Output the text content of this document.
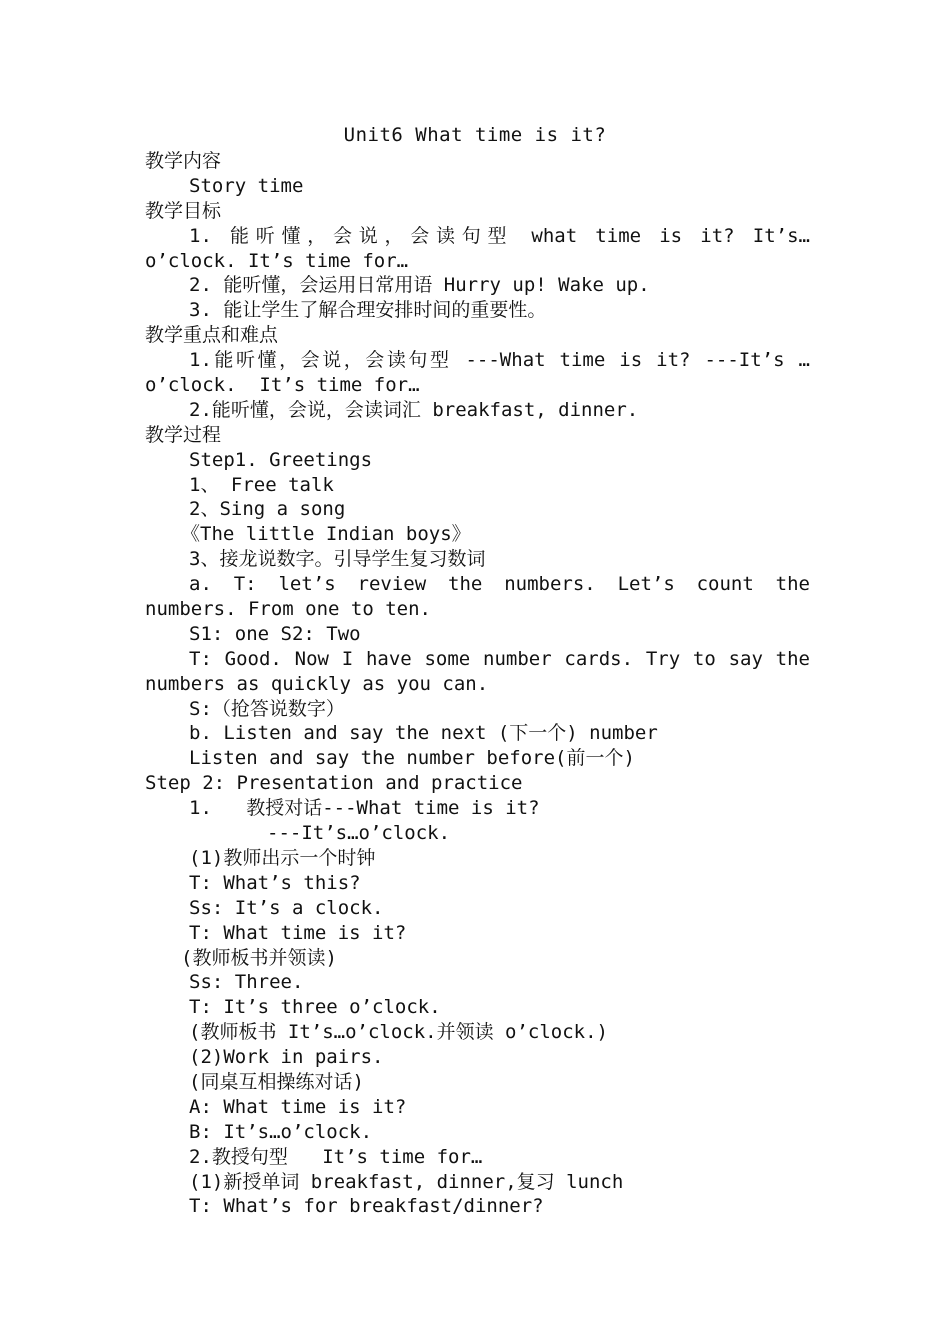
Unit6 What time is it?
教学内容
Story time
教学目标
1. 能听懂，会说，会读句型 what time is it? It’s…
o’clock. It’s time for…
2. 能听懂，会运用日常用语 Hurry up! Wake up.
3. 能让学生了解合理安排时间的重要性。
教学重点和难点
1.能听懂，会说，会读句型 ---What time is it? ---It’s …
o’clock.  It’s time for…
2.能听懂，会说，会读词汇 breakfast, dinner.
教学过程
Step1. Greetings
1、 Free talk
2、Sing a song
《The little Indian boys》
3、接龙说数字。引导学生复习数词
a. T: let’s review the numbers. Let’s count the
numbers. From one to ten.
S1: one S2: Two
T: Good. Now I have some number cards. Try to say the
numbers as quickly as you can.
S:（抢答说数字）
b. Listen and say the next (下一个) number
Listen and say the number before(前一个)
Step 2: Presentation and practice
1.   教授对话---What time is it?
---It’s…o’clock.
(1)教师出示一个时钟
T: What’s this?
Ss: It’s a clock.
T: What time is it?
(教师板书并领读)
Ss: Three.
T: It’s three o’clock.
(教师板书 It’s…o’clock.并领读 o’clock.)
(2)Work in pairs.
(同桌互相操练对话)
A: What time is it?
B: It’s…o’clock.
2.教授句型   It’s time for…
(1)新授单词 breakfast, dinner,复习 lunch
T: What’s for breakfast/dinner?
